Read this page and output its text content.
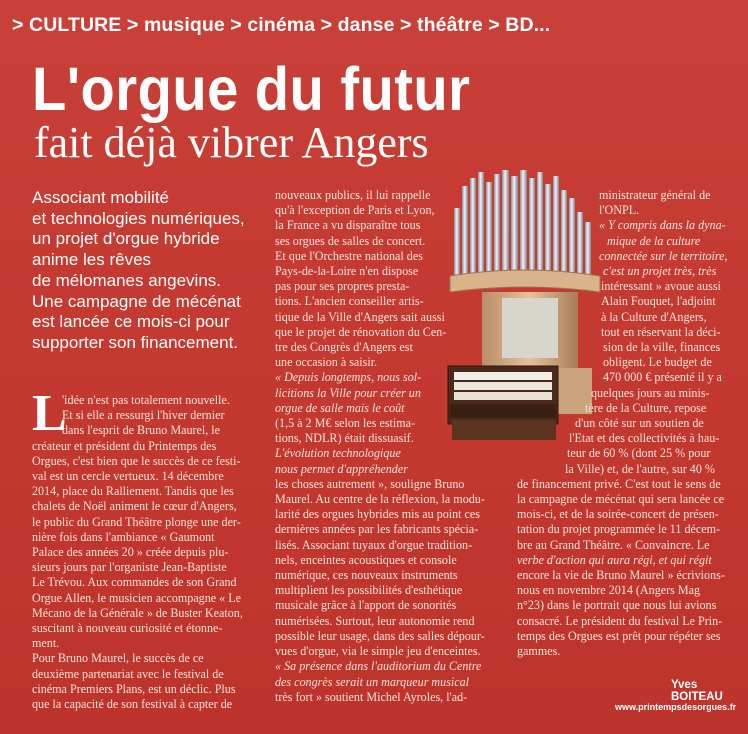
> CULTURE > musique > cinéma > danse > théâtre > BD...
L'orgue du futur
fait déjà vibrer Angers
Associant mobilité
et technologies numériques,
un projet d'orgue hybride
anime les rêves
de mélomanes angevins.
Une campagne de mécénat
est lancée ce mois-ci pour
supporter son financement.
L
'idée n'est pas totalement nouvelle.
Et si elle a ressurgi l'hiver dernier
dans l'esprit de Bruno Maurel, le
créateur et président du Printemps des
Orgues, c'est bien que le succès de ce festi-
val est un cercle vertueux. 14 décembre
2014, place du Ralliement. Tandis que les
chalets de Noël animent le cœur d'Angers,
le public du Grand Théâtre plonge une der-
nière fois dans l'ambiance « Gaumont
Palace des années 20 » créée depuis plu-
sieurs jours par l'organiste Jean-Baptiste
Le Trévou. Aux commandes de son Grand
Orgue Allen, le musicien accompagne « Le
Mécano de la Générale » de Buster Keaton,
suscitant à nouveau curiosité et étonne-
ment.
Pour Bruno Maurel, le succès de ce
deuxième partenariat avec le festival de
cinéma Premiers Plans, est un déclic. Plus
que la capacité de son festival à capter de
nouveaux publics, il lui rappelle
qu'à l'exception de Paris et Lyon,
la France a vu disparaître tous
ses orgues de salles de concert.
Et que l'Orchestre national des
Pays-de-la-Loire n'en dispose
pas pour ses propres presta-
tions. L'ancien conseiller artis-
tique de la Ville d'Angers sait aussi
que le projet de rénovation du Cen-
tre des Congrès d'Angers est
une occasion à saisir.
« Depuis longtemps, nous sol-
licitions la Ville pour créer un
orgue de salle mais le coût
(1,5 à 2 M€ selon les estima-
tions, NDLR) était dissuasif.
L'évolution technologique
nous permet d'appréhender
les choses autrement », souligne Bruno
Maurel. Au centre de la réflexion, la modu-
larité des orgues hybrides mis au point ces
dernières années par les fabricants spécia-
lisés. Associant tuyaux d'orgue tradition-
nels, enceintes acoustiques et console
numérique, ces nouveaux instruments
multiplient les possibilités d'esthétique
musicale grâce à l'apport de sonorités
numérisées. Surtout, leur autonomie rend
possible leur usage, dans des salles dépour-
vues d'orgue, via le simple jeu d'enceintes.
« Sa présence dans l'auditorium du Centre
des congrès serait un marqueur musical
très fort » soutient Michel Ayroles, l'ad-
ministrateur général de
l'ONPL.
« Y compris dans la dyna-
mique de la culture
connectée sur le territoire,
c'est un projet très, très
intéressant » avoue aussi
Alain Fouquet, l'adjoint
à la Culture d'Angers,
tout en réservant la déci-
sion de la ville, finances
obligent. Le budget de
470 000 € présenté il y a
quelques jours au minis-
tère de la Culture, repose
d'un côté sur un soutien de
l'Etat et des collectivités à hau-
teur de 60 % (dont 25 % pour
la Ville) et, de l'autre, sur 40 %
de financement privé. C'est tout le sens de
la campagne de mécénat qui sera lancée ce
mois-ci, et de la soirée-concert de présen-
tation du projet programmée le 11 décem-
bre au Grand Théâtre. « Convaincre. Le
verbe d'action qui aura régi, et qui régit
encore la vie de Bruno Maurel » écrivions-
nous en novembre 2014 (Angers Mag
n°23) dans le portrait que nous lui avions
consacré. Le président du festival Le Prin-
temps des Orgues est prêt pour répéter ses
gammes.
Yves BOITEAU
www.printempsdesorgues.fr
